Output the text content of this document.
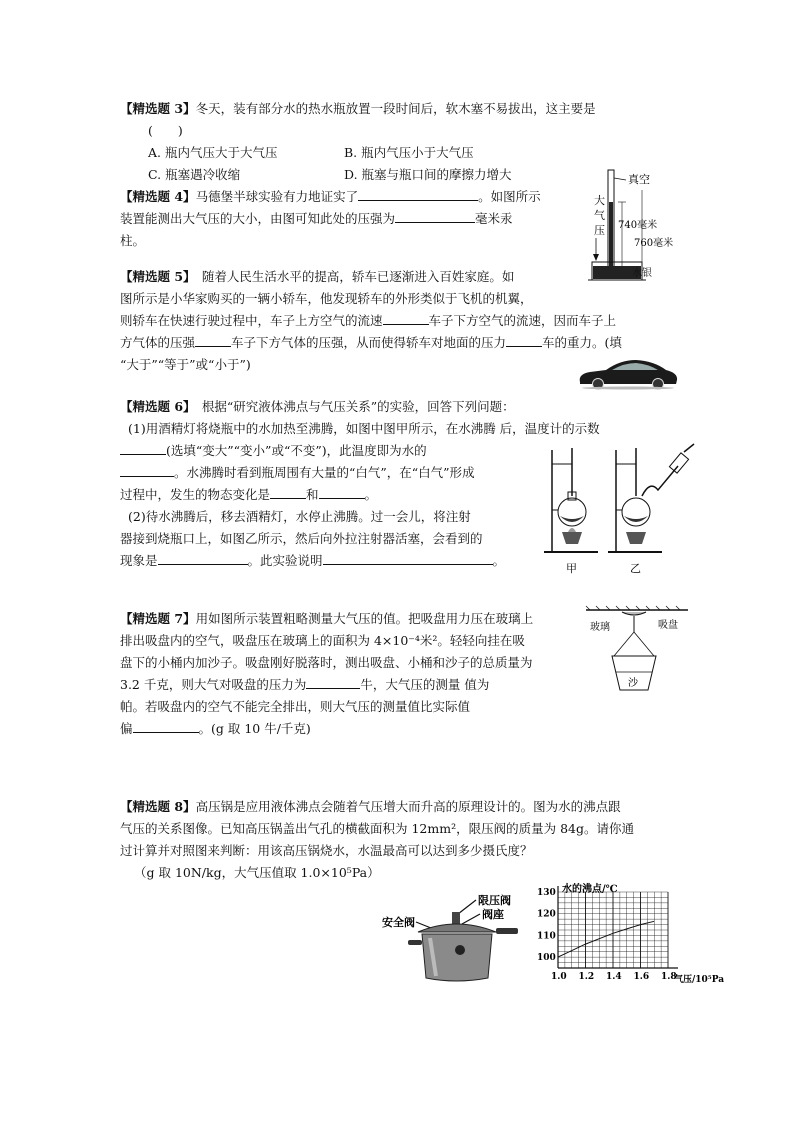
【精选题 3】冬天，装有部分水的热水瓶放置一段时间后，软木塞不易拔出，这主要是
(　　)
A. 瓶内气压大于大气压	B. 瓶内气压小于大气压
C. 瓶塞遇冷收缩	D. 瓶塞与瓶口间的摩擦力增大
【精选题 4】马德堡半球实验有力地证实了	。如图所示
装置能测出大气压的大小，由图可知此处的压强为	毫米汞
柱。
真空
大
气
压 740毫米
760毫米
水银
【精选题 5】　随着人民生活水平的提高，轿车已逐渐进入百姓家庭。如
图所示是小华家购买的一辆小轿车，他发现轿车的外形类似于飞机的机翼，
则轿车在快速行驶过程中，车子上方空气的流速	车子下方空气的流速，因而车子上
方气体的压强	车子下方气体的压强，从而使得轿车对地面的压力	车的重力。(填
“大于”“等于”或“小于”)
【精选题 6】　根据“研究液体沸点与气压关系”的实验，回答下列问题：
(1)用酒精灯将烧瓶中的水加热至沸腾，如图中图甲所示，在水沸腾 后，温度计的示数
(选填“变大”“变小”或“不变”)，此温度即为水的
。水沸腾时看到瓶周围有大量的“白气”，在“白气”形成
过程中，发生的物态变化是	和	。
(2)待水沸腾后，移去酒精灯，水停止沸腾。过一会儿，将注射
器接到烧瓶口上，如图乙所示，然后向外拉注射器活塞，会看到的
现象是	。此实验说明	。
甲	乙
【精选题 7】用如图所示装置粗略测量大气压的值。把吸盘用力压在玻璃上
排出吸盘内的空气，吸盘压在玻璃上的面积为 4×10⁻⁴米²。轻轻向挂在吸
盘下的小桶内加沙子。吸盘刚好脱落时，测出吸盘、小桶和沙子的总质量为
3.2 千克，则大气对吸盘的压力为	牛，大气压的测量 值为
帕。若吸盘内的空气不能完全排出，则大气压的测量值比实际值
偏	。(g 取 10 牛/千克)
玻璃	吸盘
沙
【精选题 8】高压锅是应用液体沸点会随着气压增大而升高的原理设计的。图为水的沸点跟
气压的关系图像。已知高压锅盖出气孔的横截面积为 12mm²，限压阀的质量为 84g。请你通
过计算并对照图来判断：用该高压锅烧水，水温最高可以达到多少摄氏度？
（g 取 10N/kg，大气压值取 1.0×10⁵Pa）
安全阀
限压阀
阀座
水的沸点/℃
气压/10⁵Pa
1.0 1.2 1.4 1.6 1.8
100
110
120
130
